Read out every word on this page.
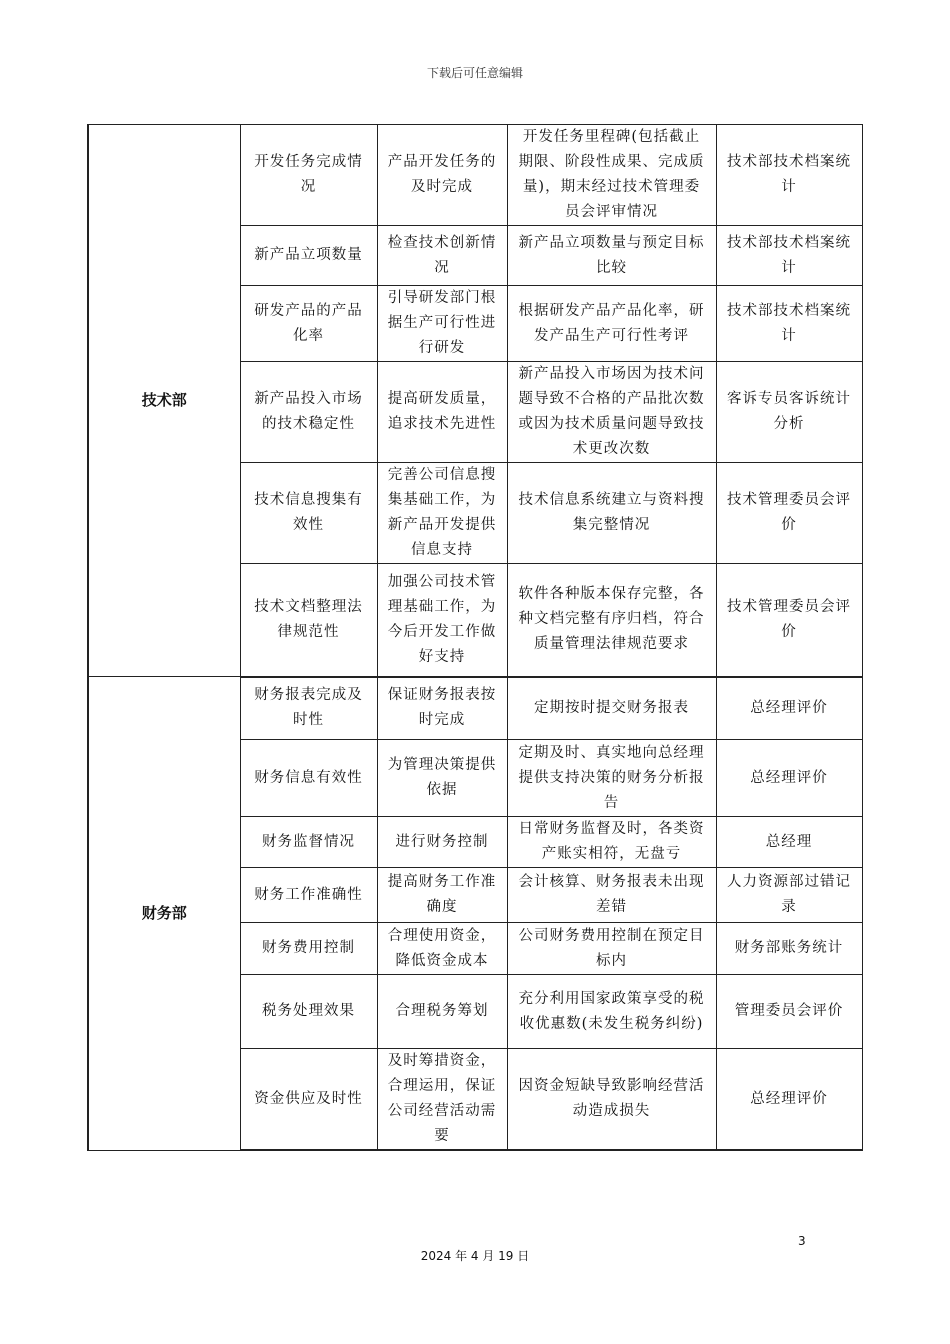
下载后可任意编辑
技术部	开发任务完成情况	产品开发任务的及时完成	开发任务里程碑(包括截止期限、阶段性成果、完成质量)，期末经过技术管理委员会评审情况	技术部技术档案统计
	新产品立项数量	检查技术创新情况	新产品立项数量与预定目标比较	技术部技术档案统计
	研发产品的产品化率	引导研发部门根据生产可行性进行研发	根据研发产品产品化率，研发产品生产可行性考评	技术部技术档案统计
	新产品投入市场的技术稳定性	提高研发质量，追求技术先进性	新产品投入市场因为技术问题导致不合格的产品批次数或因为技术质量问题导致技术更改次数	客诉专员客诉统计分析
	技术信息搜集有效性	完善公司信息搜集基础工作，为新产品开发提供信息支持	技术信息系统建立与资料搜集完整情况	技术管理委员会评价
	技术文档整理法律规范性	加强公司技术管理基础工作，为今后开发工作做好支持	软件各种版本保存完整，各种文档完整有序归档，符合质量管理法律规范要求	技术管理委员会评价
财务部	财务报表完成及时性	保证财务报表按时完成	定期按时提交财务报表	总经理评价
	财务信息有效性	为管理决策提供依据	定期及时、真实地向总经理提供支持决策的财务分析报告	总经理评价
	财务监督情况	进行财务控制	日常财务监督及时，各类资产账实相符，无盘亏	总经理
	财务工作准确性	提高财务工作准确度	会计核算、财务报表未出现差错	人力资源部过错记录
	财务费用控制	合理使用资金，降低资金成本	公司财务费用控制在预定目标内	财务部账务统计
	税务处理效果	合理税务筹划	充分利用国家政策享受的税收优惠数(未发生税务纠纷)	管理委员会评价
	资金供应及时性	及时筹措资金，合理运用，保证公司经营活动需要	因资金短缺导致影响经营活动造成损失	总经理评价
3
2024 年 4 月 19 日
